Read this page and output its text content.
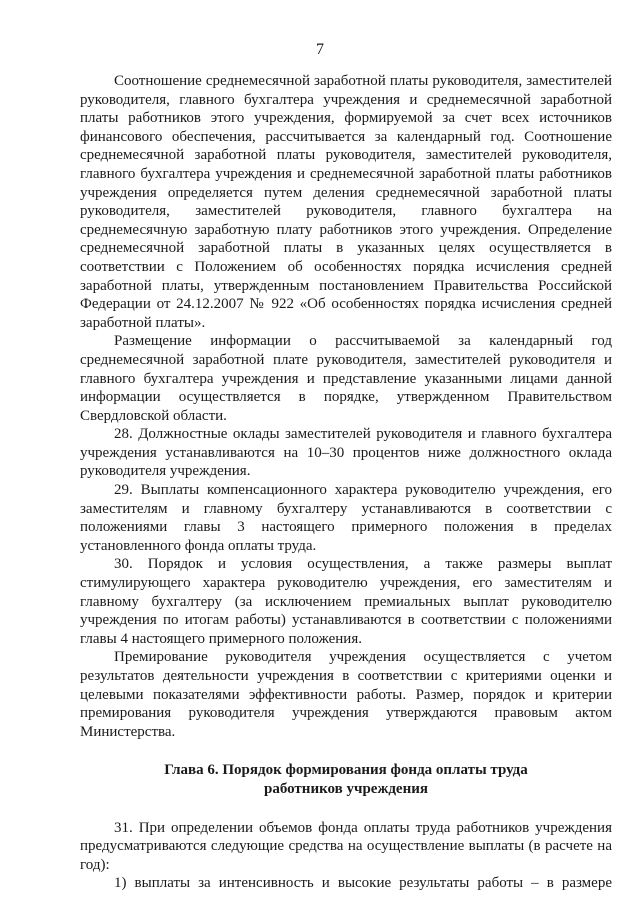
7

Соотношение среднемесячной заработной платы руководителя, заместителей руководителя, главного бухгалтера учреждения и среднемесячной заработной платы работников этого учреждения, формируемой за счет всех источников финансового обеспечения, рассчитывается за календарный год. Соотношение среднемесячной заработной платы руководителя, заместителей руководителя, главного бухгалтера учреждения и среднемесячной заработной платы работников учреждения определяется путем деления среднемесячной заработной платы руководителя, заместителей руководителя, главного бухгалтера на среднемесячную заработную плату работников этого учреждения. Определение среднемесячной заработной платы в указанных целях осуществляется в соответствии с Положением об особенностях порядка исчисления средней заработной платы, утвержденным постановлением Правительства Российской Федерации от 24.12.2007 № 922 «Об особенностях порядка исчисления средней заработной платы».

Размещение информации о рассчитываемой за календарный год среднемесячной заработной плате руководителя, заместителей руководителя и главного бухгалтера учреждения и представление указанными лицами данной информации осуществляется в порядке, утвержденном Правительством Свердловской области.

28. Должностные оклады заместителей руководителя и главного бухгалтера учреждения устанавливаются на 10–30 процентов ниже должностного оклада руководителя учреждения.

29. Выплаты компенсационного характера руководителю учреждения, его заместителям и главному бухгалтеру устанавливаются в соответствии с положениями главы 3 настоящего примерного положения в пределах установленного фонда оплаты труда.

30. Порядок и условия осуществления, а также размеры выплат стимулирующего характера руководителю учреждения, его заместителям и главному бухгалтеру (за исключением премиальных выплат руководителю учреждения по итогам работы) устанавливаются в соответствии с положениями главы 4 настоящего примерного положения.

Премирование руководителя учреждения осуществляется с учетом результатов деятельности учреждения в соответствии с критериями оценки и целевыми показателями эффективности работы. Размер, порядок и критерии премирования руководителя учреждения утверждаются правовым актом Министерства.

Глава 6. Порядок формирования фонда оплаты труда
работников учреждения

31. При определении объемов фонда оплаты труда работников учреждения предусматриваются следующие средства на осуществление выплаты (в расчете на год):

1) выплаты за интенсивность и высокие результаты работы – в размере
